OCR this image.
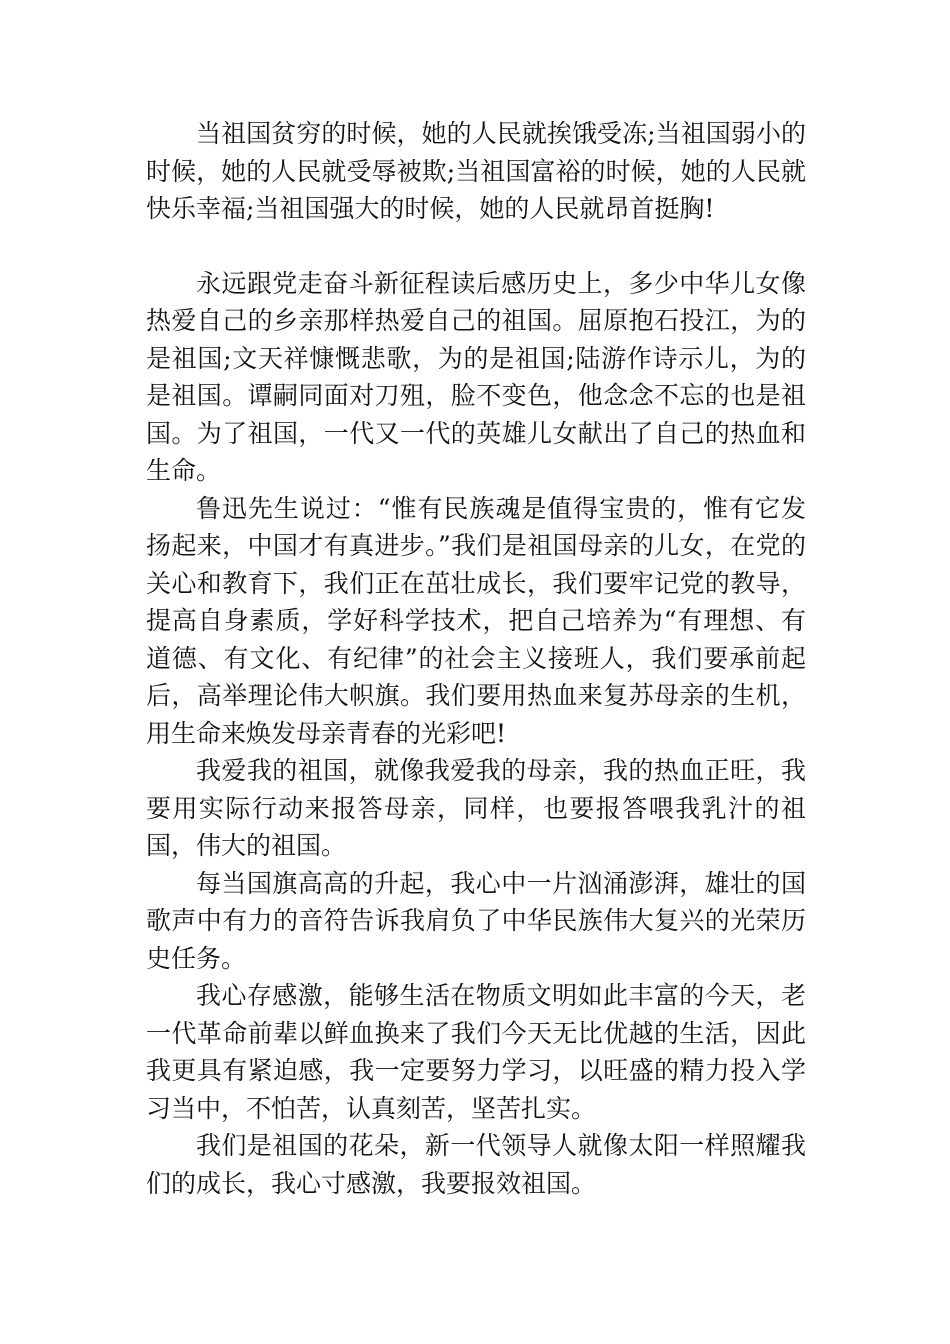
当祖国贫穷的时候，她的人民就挨饿受冻;当祖国弱小的时候，她的人民就受辱被欺;当祖国富裕的时候，她的人民就快乐幸福;当祖国强大的时候，她的人民就昂首挺胸!

永远跟党走奋斗新征程读后感历史上，多少中华儿女像热爱自己的乡亲那样热爱自己的祖国。屈原抱石投江，为的是祖国;文天祥慷慨悲歌，为的是祖国;陆游作诗示儿，为的是祖国。谭嗣同面对刀殂，脸不变色，他念念不忘的也是祖国。为了祖国，一代又一代的英雄儿女献出了自己的热血和生命。

鲁迅先生说过：“惟有民族魂是值得宝贵的，惟有它发扬起来，中国才有真进步。”我们是祖国母亲的儿女，在党的关心和教育下，我们正在茁壮成长，我们要牢记党的教导，提高自身素质，学好科学技术，把自己培养为“有理想、有道德、有文化、有纪律”的社会主义接班人，我们要承前起后，高举理论伟大帜旗。我们要用热血来复苏母亲的生机，用生命来焕发母亲青春的光彩吧!

我爱我的祖国，就像我爱我的母亲，我的热血正旺，我要用实际行动来报答母亲，同样，也要报答喂我乳汁的祖国，伟大的祖国。

每当国旗高高的升起，我心中一片汹涌澎湃，雄壮的国歌声中有力的音符告诉我肩负了中华民族伟大复兴的光荣历史任务。

我心存感激，能够生活在物质文明如此丰富的今天，老一代革命前辈以鲜血换来了我们今天无比优越的生活，因此我更具有紧迫感，我一定要努力学习，以旺盛的精力投入学习当中，不怕苦，认真刻苦，坚苦扎实。

我们是祖国的花朵，新一代领导人就像太阳一样照耀我们的成长，我心寸感激，我要报效祖国。
